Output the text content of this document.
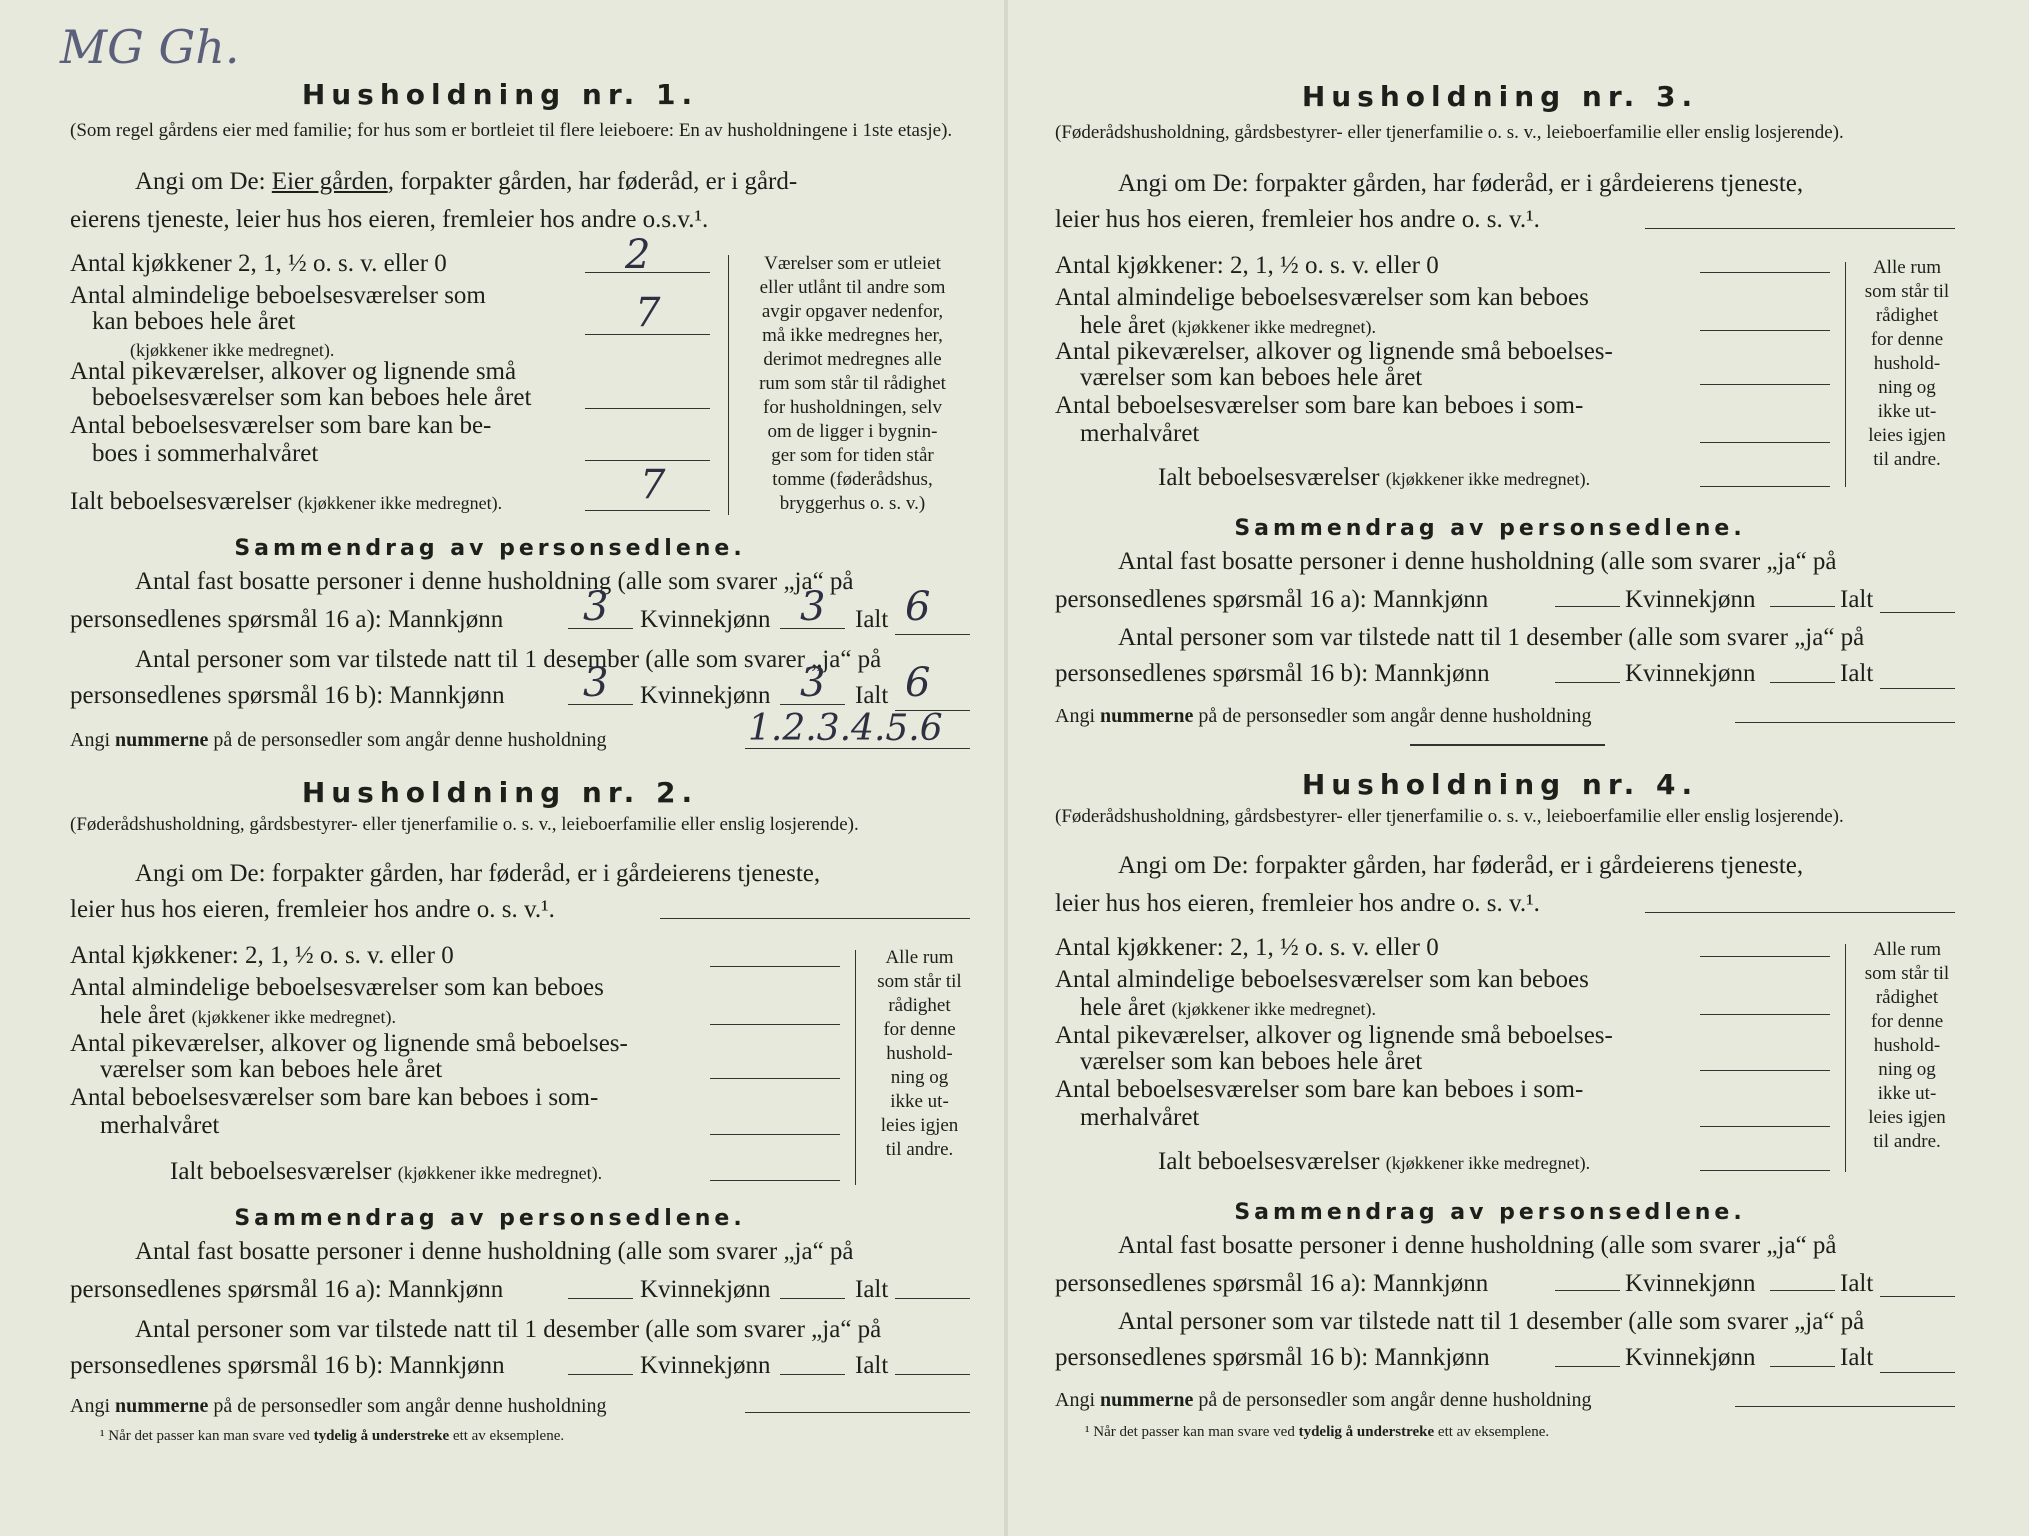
MG Gh.
Husholdning nr. 1.
(Som regel gårdens eier med familie; for hus som er bortleiet til flere leieboere: En av husholdningene i 1ste etasje).
Angi om De: Eier gården, forpakter gården, har føderåd, er i gård-
eierens tjeneste, leier hus hos eieren, fremleier hos andre o.s.v.¹.
Antal kjøkkener 2, 1, ½ o. s. v. eller 0	2
Antal almindelige beboelsesværelser som
kan beboes hele året
(kjøkkener ikke medregnet).
7
Antal pikeværelser, alkover og lignende små
beboelsesværelser som kan beboes hele året
Antal beboelsesværelser som bare kan be-
boes i sommerhalvåret
Ialt beboelsesværelser (kjøkkener ikke medregnet).	7
Værelser som er utleiet
eller utlånt til andre som
avgir opgaver nedenfor,
må ikke medregnes her,
derimot medregnes alle
rum som står til rådighet
for husholdningen, selv
om de ligger i bygnin-
ger som for tiden står
tomme (føderådshus,
bryggerhus o. s. v.)
Sammendrag av personsedlene.
Antal fast bosatte personer i denne husholdning (alle som svarer „ja“ på
personsedlenes spørsmål 16 a): Mannkjønn 3 Kvinnekjønn 3 Ialt 6
Antal personer som var tilstede natt til 1 desember (alle som svarer „ja“ på
personsedlenes spørsmål 16 b): Mannkjønn 3 Kvinnekjønn 3 Ialt 6
Angi nummerne på de personsedler som angår denne husholdning	1.2.3.4.5.6
Husholdning nr. 2.
(Føderådshusholdning, gårdsbestyrer- eller tjenerfamilie o. s. v., leieboerfamilie eller enslig losjerende).
Angi om De: forpakter gården, har føderåd, er i gårdeierens tjeneste,
leier hus hos eieren, fremleier hos andre o. s. v.¹.
Antal kjøkkener: 2, 1, ½ o. s. v. eller 0
Antal almindelige beboelsesværelser som kan beboes
hele året (kjøkkener ikke medregnet).
Antal pikeværelser, alkover og lignende små beboelses-
værelser som kan beboes hele året
Antal beboelsesværelser som bare kan beboes i som-
merhalvåret
Ialt beboelsesværelser (kjøkkener ikke medregnet).
Alle rum
som står til
rådighet
for denne
hushold-
ning og
ikke ut-
leies igjen
til andre.
Sammendrag av personsedlene.
Antal fast bosatte personer i denne husholdning (alle som svarer „ja“ på
personsedlenes spørsmål 16 a): Mannkjønn	Kvinnekjønn	Ialt
Antal personer som var tilstede natt til 1 desember (alle som svarer „ja“ på
personsedlenes spørsmål 16 b): Mannkjønn	Kvinnekjønn	Ialt
Angi nummerne på de personsedler som angår denne husholdning
¹ Når det passer kan man svare ved tydelig å understreke ett av eksemplene.
Husholdning nr. 3.
(Føderådshusholdning, gårdsbestyrer- eller tjenerfamilie o. s. v., leieboerfamilie eller enslig losjerende).
Angi om De: forpakter gården, har føderåd, er i gårdeierens tjeneste,
leier hus hos eieren, fremleier hos andre o. s. v.¹.
Antal kjøkkener: 2, 1, ½ o. s. v. eller 0
Antal almindelige beboelsesværelser som kan beboes
hele året (kjøkkener ikke medregnet).
Antal pikeværelser, alkover og lignende små beboelses-
værelser som kan beboes hele året
Antal beboelsesværelser som bare kan beboes i som-
merhalvåret
Ialt beboelsesværelser (kjøkkener ikke medregnet).
Alle rum
som står til
rådighet
for denne
hushold-
ning og
ikke ut-
leies igjen
til andre.
Sammendrag av personsedlene.
Antal fast bosatte personer i denne husholdning (alle som svarer „ja“ på
personsedlenes spørsmål 16 a): Mannkjønn	Kvinnekjønn	Ialt
Antal personer som var tilstede natt til 1 desember (alle som svarer „ja“ på
personsedlenes spørsmål 16 b): Mannkjønn	Kvinnekjønn	Ialt
Angi nummerne på de personsedler som angår denne husholdning
Husholdning nr. 4.
(Føderådshusholdning, gårdsbestyrer- eller tjenerfamilie o. s. v., leieboerfamilie eller enslig losjerende).
Angi om De: forpakter gården, har føderåd, er i gårdeierens tjeneste,
leier hus hos eieren, fremleier hos andre o. s. v.¹.
Antal kjøkkener: 2, 1, ½ o. s. v. eller 0
Antal almindelige beboelsesværelser som kan beboes
hele året (kjøkkener ikke medregnet).
Antal pikeværelser, alkover og lignende små beboelses-
værelser som kan beboes hele året
Antal beboelsesværelser som bare kan beboes i som-
merhalvåret
Ialt beboelsesværelser (kjøkkener ikke medregnet).
Alle rum
som står til
rådighet
for denne
hushold-
ning og
ikke ut-
leies igjen
til andre.
Sammendrag av personsedlene.
Antal fast bosatte personer i denne husholdning (alle som svarer „ja“ på
personsedlenes spørsmål 16 a): Mannkjønn	Kvinnekjønn	Ialt
Antal personer som var tilstede natt til 1 desember (alle som svarer „ja“ på
personsedlenes spørsmål 16 b): Mannkjønn	Kvinnekjønn	Ialt
Angi nummerne på de personsedler som angår denne husholdning
¹ Når det passer kan man svare ved tydelig å understreke ett av eksemplene.
